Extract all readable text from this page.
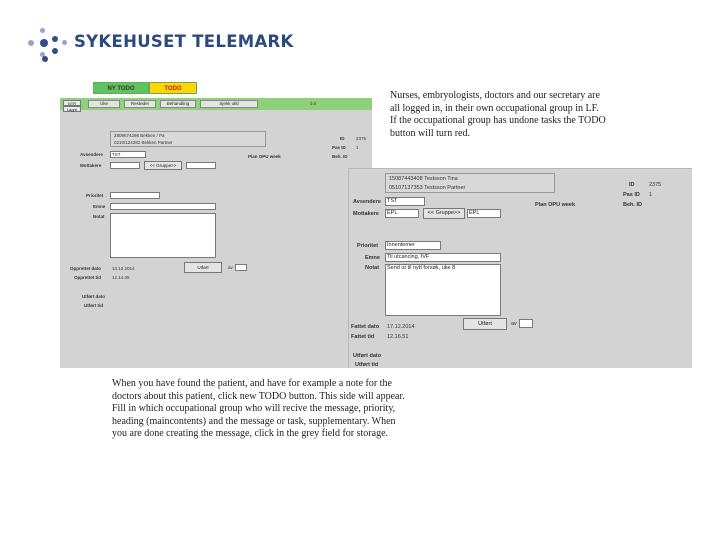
SYKEHUSET TELEMARK
NY TODO	TODO
NTR
Lagre
Uke	Resteder	Behandling	Sjekk utkl	3.0
2809674298 Bekken / Pa
0210/124282 Bekken Partner
ID	2375
Pas ID 1
Beh. ID
Avsendere	TST	Plan OPU week
Mottakere	<< Gruppe>>
Prioritet
Emne
Notat
Opprettet dato 13.12.2014
Opprettet tid 12.14.35
Utført	av
Utført dato
Utført tid
15087443408 Testsson Tina
05107137353 Testsson Partner	ID	2375
Pas ID 1
Beh. ID
Avsendere	TST
Plan OPU week
Mottakere	EPL	<< Gruppe>>	EPL
Prioritet	Innentemer
Emne	Til utcancing, IVF
Notat	Send ut til nytt forsøk, uke 8
Fattet dato 17.12.2014
Fattet tid 12.16.51
Utført	av
Utført dato
Utført tid
Nurses, embryologists, doctors and our secretary are all logged in, in their own occupational group in LF. If the occupational group has undone tasks the TODO button will turn red.
When you have found the patient, and have for example a note for the doctors about this patient, click new TODO button. This side will appear. Fill in which occupational group who will recive the message, priority, heading (maincontents) and the message or task, supplementary. When you are done creating the message, click in the grey field for storage.
